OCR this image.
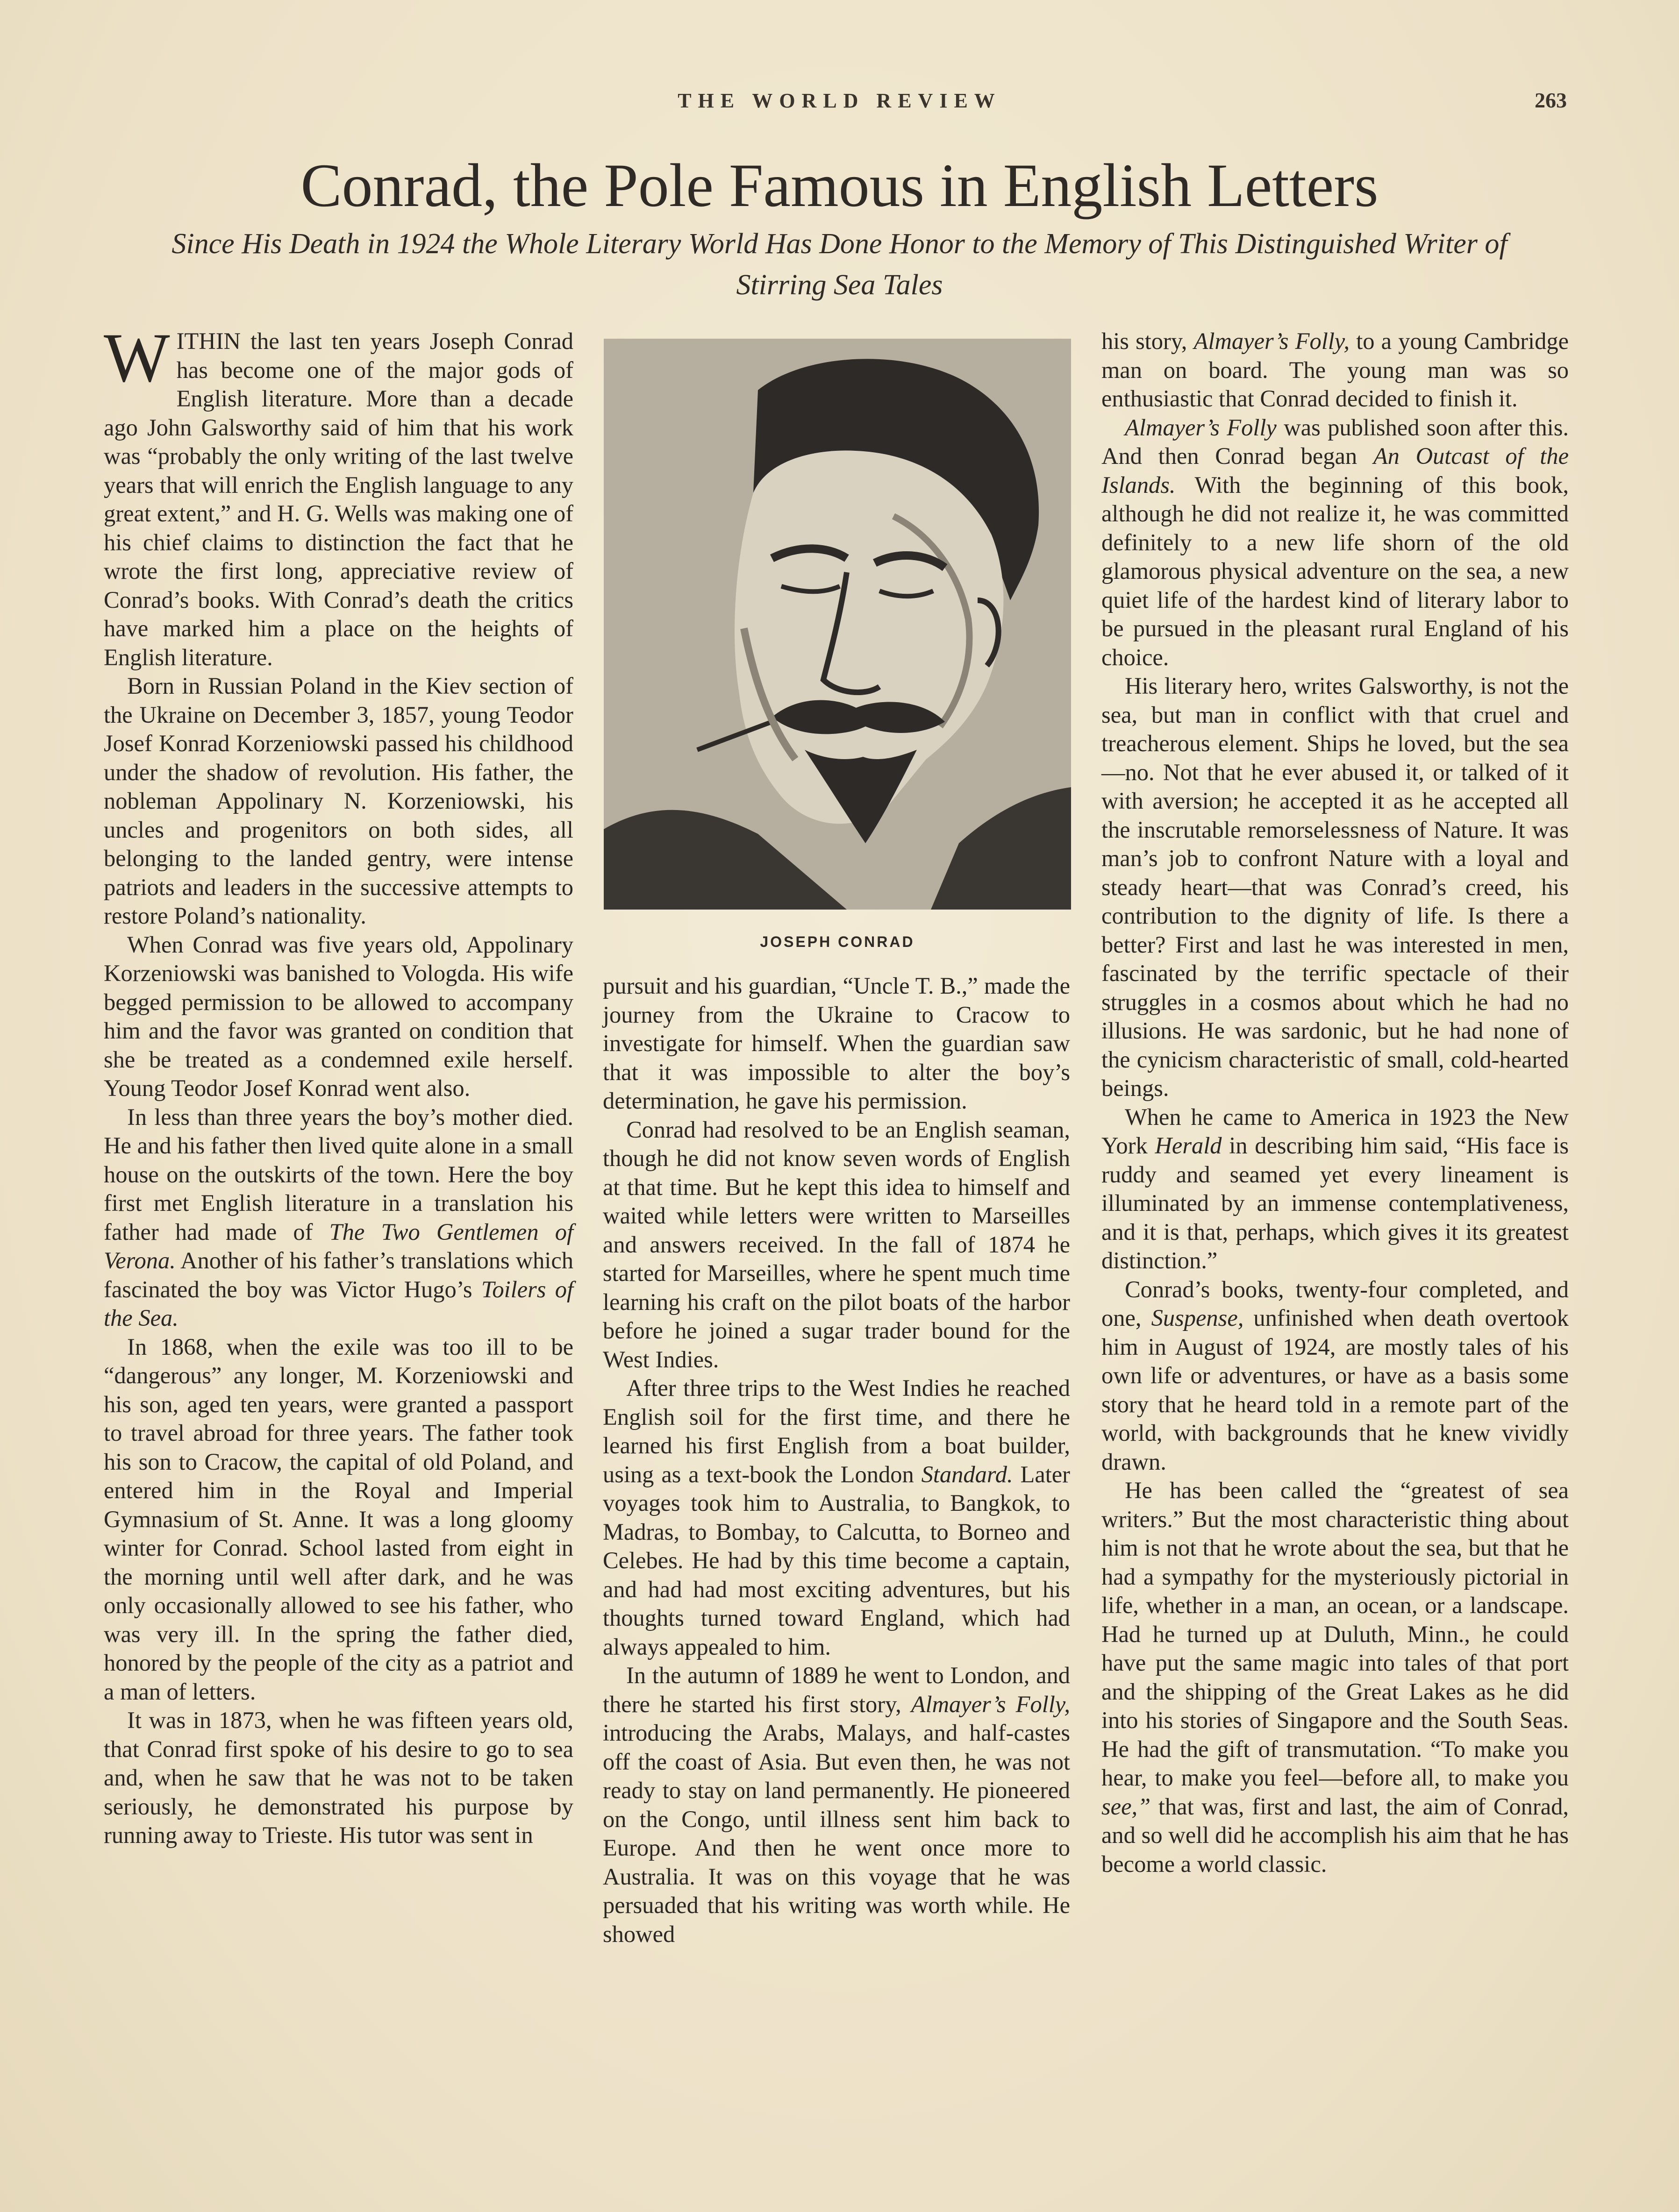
THE WORLD REVIEW	263
Conrad, the Pole Famous in English Letters
Since His Death in 1924 the Whole Literary World Has Done Honor to the Memory of This Distinguished Writer of Stirring Sea Tales

WITHIN the last ten years Joseph Conrad has become one of the major gods of English literature. More than a decade ago John Galsworthy said of him that his work was “probably the only writing of the last twelve years that will enrich the English language to any great extent,” and H. G. Wells was making one of his chief claims to distinction the fact that he wrote the first long, appreciative review of Conrad’s books. With Conrad’s death the critics have marked him a place on the heights of English literature.

Born in Russian Poland in the Kiev section of the Ukraine on December 3, 1857, young Teodor Josef Konrad Korzeniowski passed his childhood under the shadow of revolution. His father, the nobleman Appolinary N. Korzeniowski, his uncles and progenitors on both sides, all belonging to the landed gentry, were intense patriots and leaders in the successive attempts to restore Poland’s nationality.

When Conrad was five years old, Appolinary Korzeniowski was banished to Vologda. His wife begged permission to be allowed to accompany him and the favor was granted on condition that she be treated as a condemned exile herself. Young Teodor Josef Konrad went also.

In less than three years the boy’s mother died. He and his father then lived quite alone in a small house on the outskirts of the town. Here the boy first met English literature in a translation his father had made of The Two Gentlemen of Verona. Another of his father’s translations which fascinated the boy was Victor Hugo’s Toilers of the Sea.

In 1868, when the exile was too ill to be “dangerous” any longer, M. Korzeniowski and his son, aged ten years, were granted a passport to travel abroad for three years. The father took his son to Cracow, the capital of old Poland, and entered him in the Royal and Imperial Gymnasium of St. Anne. It was a long gloomy winter for Conrad. School lasted from eight in the morning until well after dark, and he was only occasionally allowed to see his father, who was very ill. In the spring the father died, honored by the people of the city as a patriot and a man of letters.

It was in 1873, when he was fifteen years old, that Conrad first spoke of his desire to go to sea and, when he saw that he was not to be taken seriously, he demonstrated his purpose by running away to Trieste. His tutor was sent in

JOSEPH CONRAD

pursuit and his guardian, “Uncle T. B.,” made the journey from the Ukraine to Cracow to investigate for himself. When the guardian saw that it was impossible to alter the boy’s determination, he gave his permission.

Conrad had resolved to be an English seaman, though he did not know seven words of English at that time. But he kept this idea to himself and waited while letters were written to Marseilles and answers received. In the fall of 1874 he started for Marseilles, where he spent much time learning his craft on the pilot boats of the harbor before he joined a sugar trader bound for the West Indies.

After three trips to the West Indies he reached English soil for the first time, and there he learned his first English from a boat builder, using as a text-book the London Standard. Later voyages took him to Australia, to Bangkok, to Madras, to Bombay, to Calcutta, to Borneo and Celebes. He had by this time become a captain, and had had most exciting adventures, but his thoughts turned toward England, which had always appealed to him.

In the autumn of 1889 he went to London, and there he started his first story, Almayer’s Folly, introducing the Arabs, Malays, and half-castes off the coast of Asia. But even then, he was not ready to stay on land permanently. He pioneered on the Congo, until illness sent him back to Europe. And then he went once more to Australia. It was on this voyage that he was persuaded that his writing was worth while. He showed

his story, Almayer’s Folly, to a young Cambridge man on board. The young man was so enthusiastic that Conrad decided to finish it.

Almayer’s Folly was published soon after this. And then Conrad began An Outcast of the Islands. With the beginning of this book, although he did not realize it, he was committed definitely to a new life shorn of the old glamorous physical adventure on the sea, a new quiet life of the hardest kind of literary labor to be pursued in the pleasant rural England of his choice.

His literary hero, writes Galsworthy, is not the sea, but man in conflict with that cruel and treacherous element. Ships he loved, but the sea—no. Not that he ever abused it, or talked of it with aversion; he accepted it as he accepted all the inscrutable remorselessness of Nature. It was man’s job to confront Nature with a loyal and steady heart—that was Conrad’s creed, his contribution to the dignity of life. Is there a better? First and last he was interested in men, fascinated by the terrific spectacle of their struggles in a cosmos about which he had no illusions. He was sardonic, but he had none of the cynicism characteristic of small, cold-hearted beings.

When he came to America in 1923 the New York Herald in describing him said, “His face is ruddy and seamed yet every lineament is illuminated by an immense contemplativeness, and it is that, perhaps, which gives it its greatest distinction.”

Conrad’s books, twenty-four completed, and one, Suspense, unfinished when death overtook him in August of 1924, are mostly tales of his own life or adventures, or have as a basis some story that he heard told in a remote part of the world, with backgrounds that he knew vividly drawn.

He has been called the “greatest of sea writers.” But the most characteristic thing about him is not that he wrote about the sea, but that he had a sympathy for the mysteriously pictorial in life, whether in a man, an ocean, or a landscape. Had he turned up at Duluth, Minn., he could have put the same magic into tales of that port and the shipping of the Great Lakes as he did into his stories of Singapore and the South Seas. He had the gift of transmutation. “To make you hear, to make you feel—before all, to make you see,” that was, first and last, the aim of Conrad, and so well did he accomplish his aim that he has become a world classic.
